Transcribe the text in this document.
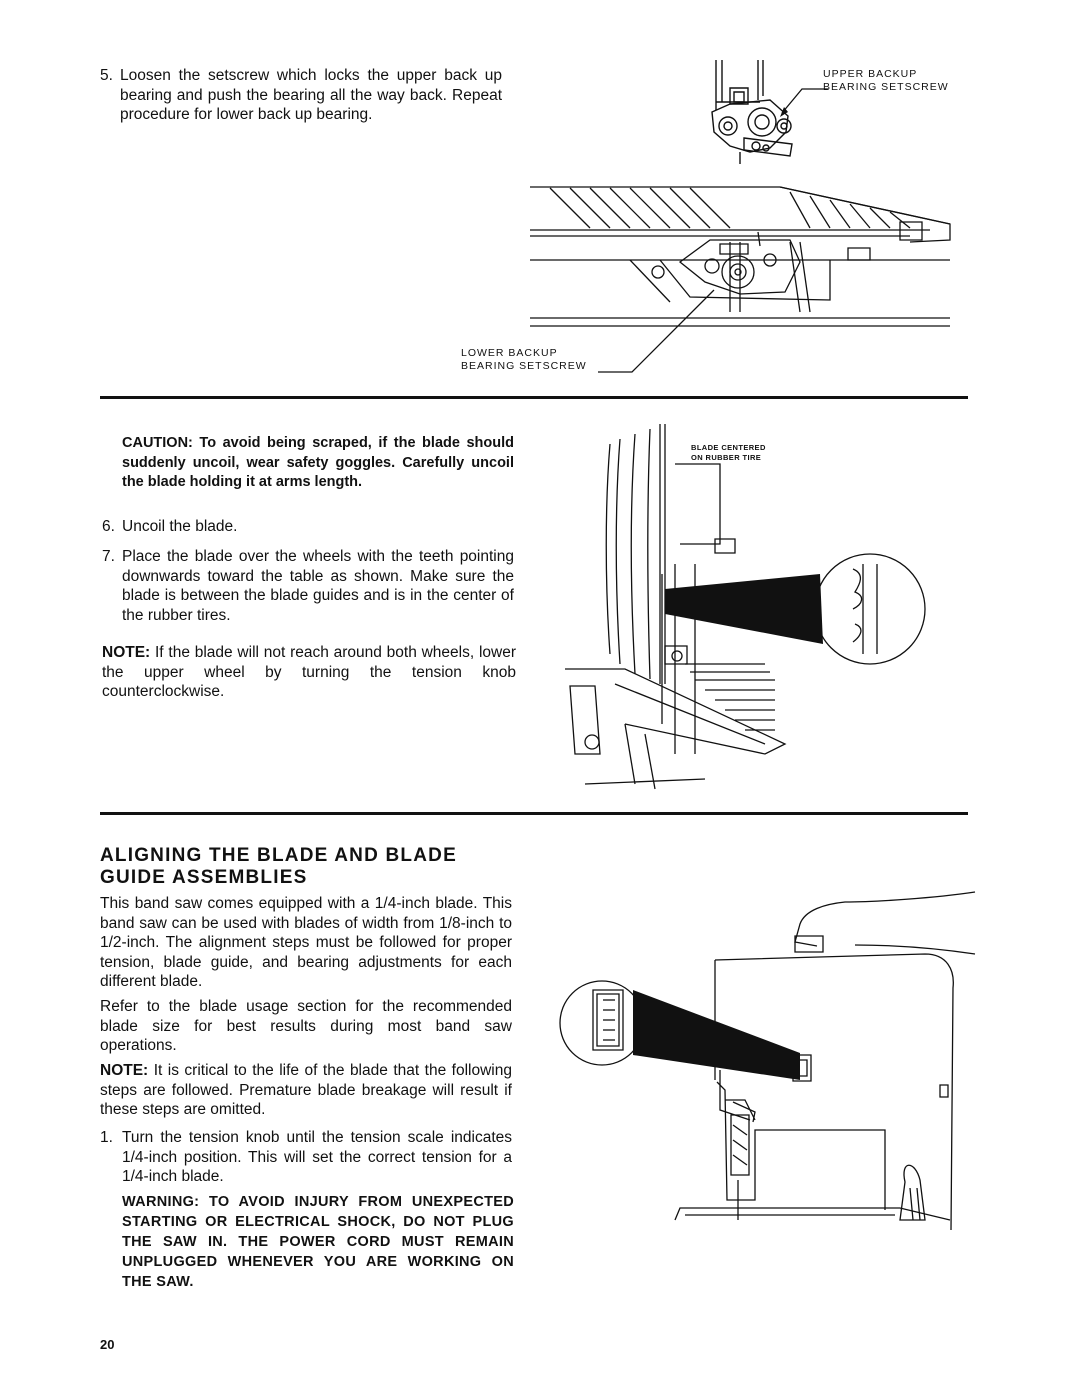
5. Loosen the setscrew which locks the upper back up bearing and push the bearing all the way back. Repeat procedure for lower back up bearing.
UPPER BACKUP
BEARING SETSCREW
LOWER BACKUP
BEARING SETSCREW
CAUTION: To avoid being scraped, if the blade should suddenly uncoil, wear safety goggles. Carefully uncoil the blade holding it at arms length.
6. Uncoil the blade.
7. Place the blade over the wheels with the teeth pointing downwards toward the table as shown. Make sure the blade is between the blade guides and is in the center of the rubber tires.
NOTE: If the blade will not reach around both wheels, lower the upper wheel by turning the tension knob counterclockwise.
BLADE CENTERED
ON RUBBER TIRE
ALIGNING THE BLADE AND BLADE
GUIDE ASSEMBLIES
This band saw comes equipped with a 1/4-inch blade. This band saw can be used with blades of width from 1/8-inch to 1/2-inch. The alignment steps must be followed for proper tension, blade guide, and bearing adjustments for each different blade.
Refer to the blade usage section for the recommended blade size for best results during most band saw operations.
NOTE: It is critical to the life of the blade that the following steps are followed. Premature blade breakage will result if these steps are omitted.
1. Turn the tension knob until the tension scale indicates 1/4-inch position. This will set the correct tension for a 1/4-inch blade.
WARNING: TO AVOID INJURY FROM UNEXPECTED STARTING OR ELECTRICAL SHOCK, DO NOT PLUG THE SAW IN. THE POWER CORD MUST REMAIN UNPLUGGED WHENEVER YOU ARE WORKING ON THE SAW.
20
